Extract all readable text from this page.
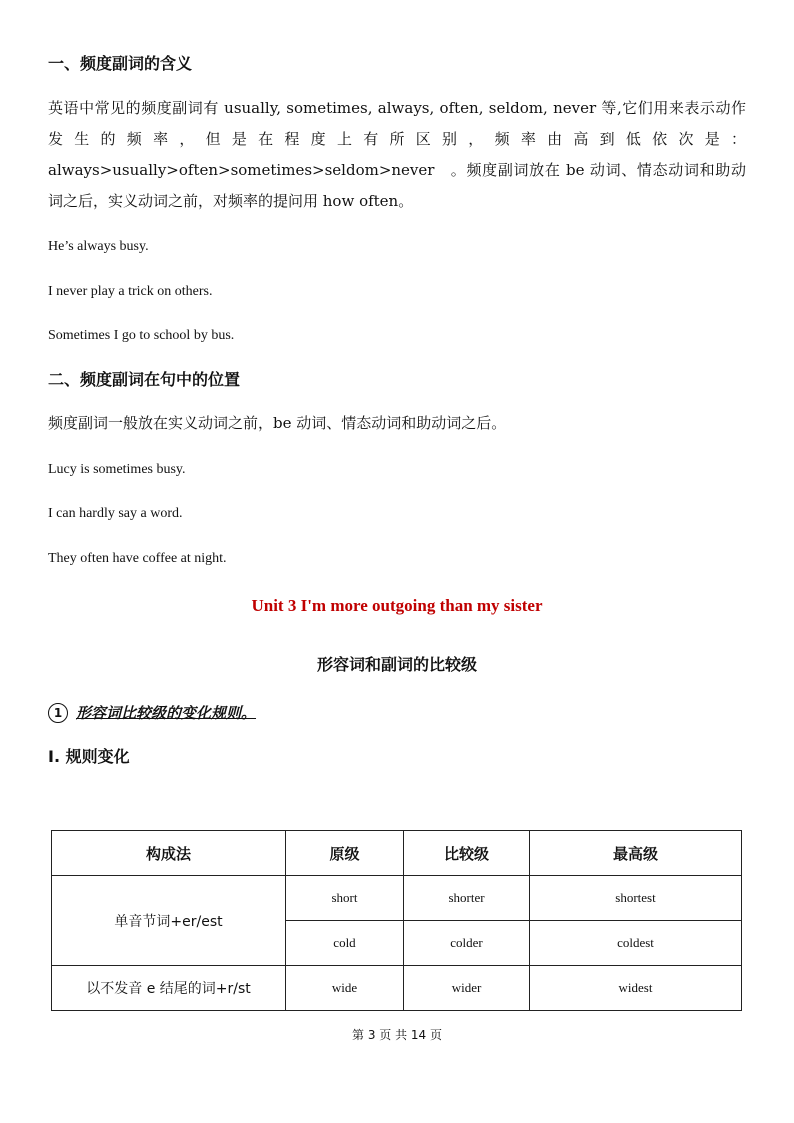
一、频度副词的含义
英语中常见的频度副词有 usually, sometimes, always, often, seldom, never 等,它们用来表示动作发生的频率，但是在程度上有所区别，频率由高到低依次是：always>usually>often>sometimes>seldom>never　。频度副词放在 be 动词、情态动词和助动词之后，实义动词之前，对频率的提问用 how often。
He’s always busy.
I never play a trick on others.
Sometimes I go to school by bus.
二、频度副词在句中的位置
频度副词一般放在实义动词之前，be 动词、情态动词和助动词之后。
Lucy is sometimes busy.
I can hardly say a word.
They often have coffee at night.
Unit 3 I'm more outgoing than my sister
形容词和副词的比较级
1 形容词比较级的变化规则。
I. 规则变化
构成法	原级	比较级	最高级
单音节词+er/est	short	shorter	shortest
	cold	colder	coldest
以不发音 e 结尾的词+r/st	wide	wider	widest
第 3 页 共 14 页
